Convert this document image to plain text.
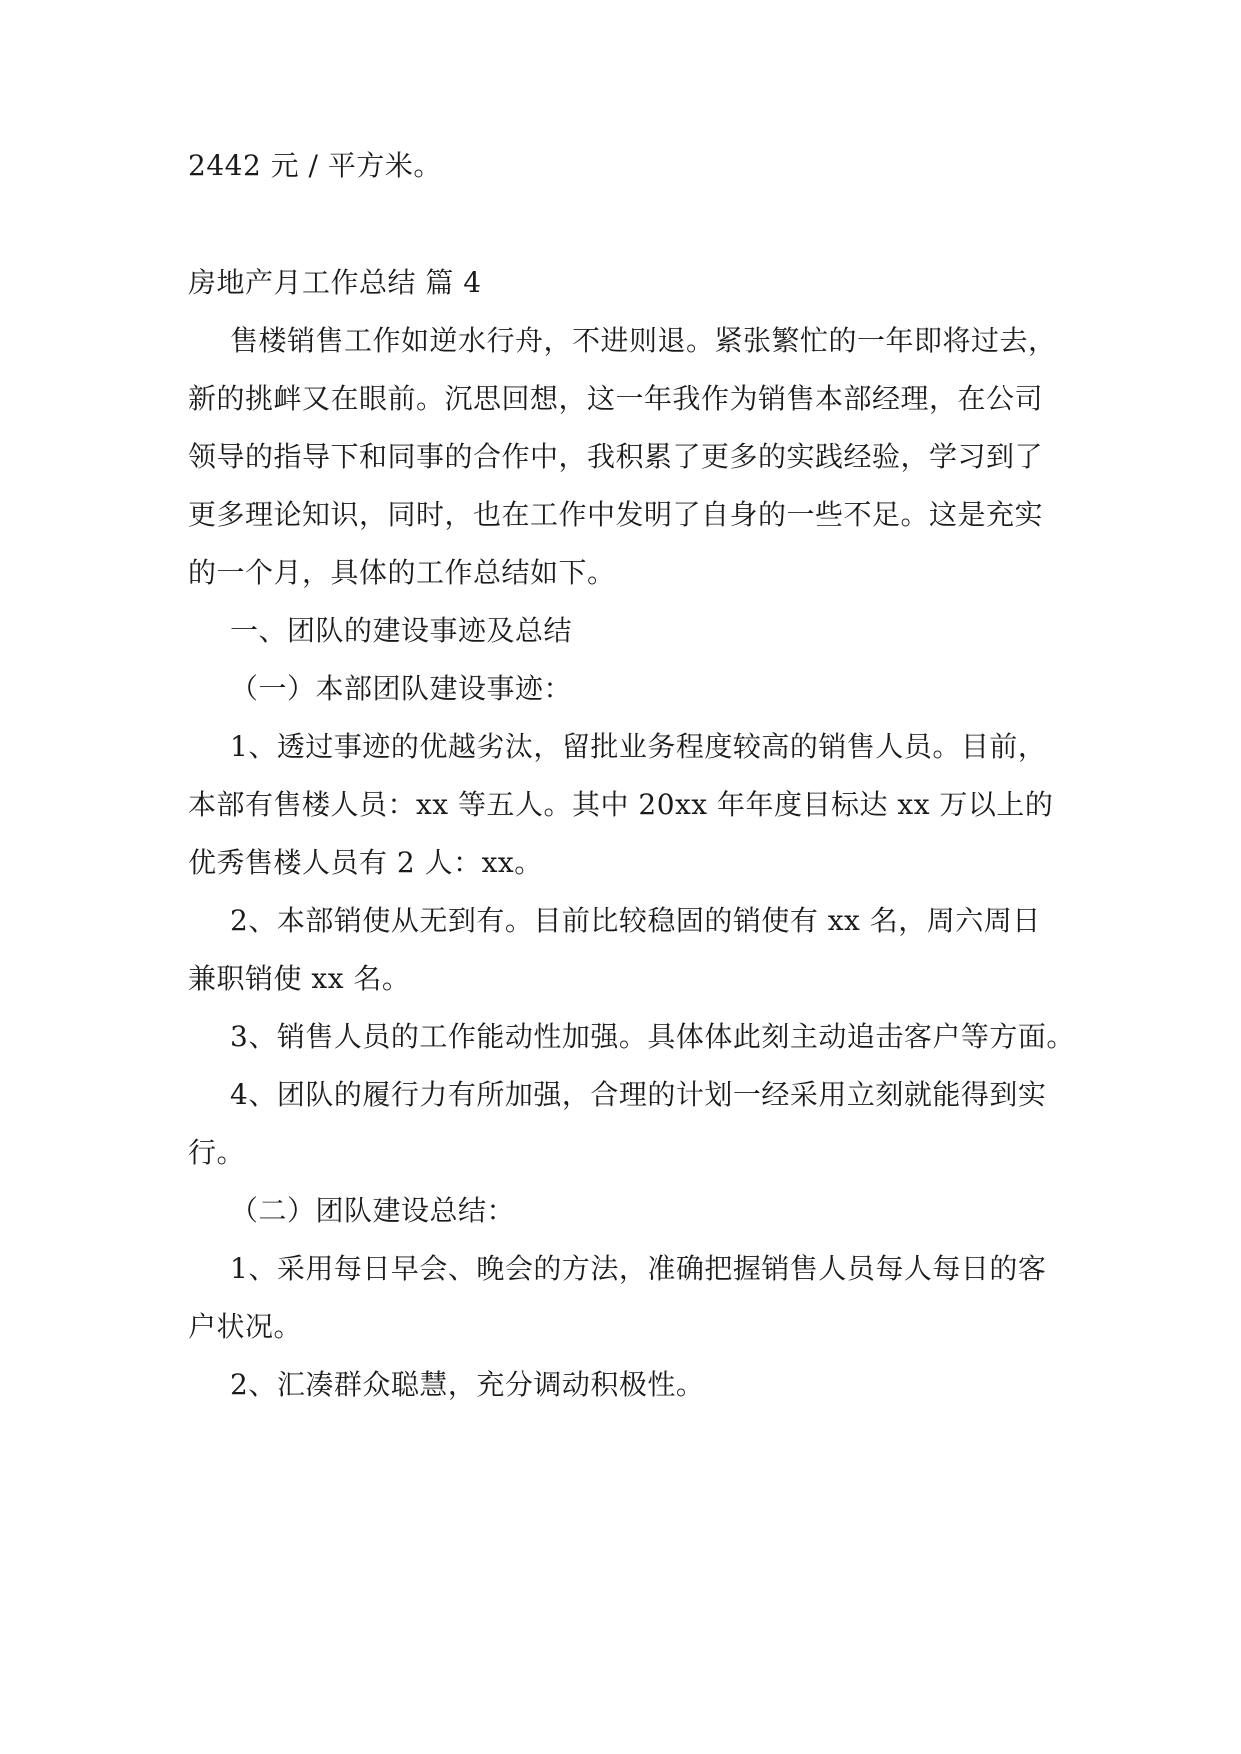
2442 元 / 平方米。
房地产月工作总结 篇 4
售楼销售工作如逆水行舟，不进则退。紧张繁忙的一年即将过去，
新的挑衅又在眼前。沉思回想，这一年我作为销售本部经理，在公司
领导的指导下和同事的合作中，我积累了更多的实践经验，学习到了
更多理论知识，同时，也在工作中发明了自身的一些不足。这是充实
的一个月，具体的工作总结如下。
一、团队的建设事迹及总结
（一）本部团队建设事迹：
1、透过事迹的优越劣汰，留批业务程度较高的销售人员。目前，
本部有售楼人员：xx 等五人。其中 20xx 年年度目标达 xx 万以上的
优秀售楼人员有 2 人：xx。
2、本部销使从无到有。目前比较稳固的销使有 xx 名，周六周日
兼职销使 xx 名。
3、销售人员的工作能动性加强。具体体此刻主动追击客户等方面。
4、团队的履行力有所加强，合理的计划一经采用立刻就能得到实
行。
（二）团队建设总结：
1、采用每日早会、晚会的方法，准确把握销售人员每人每日的客
户状况。
2、汇凑群众聪慧，充分调动积极性。
